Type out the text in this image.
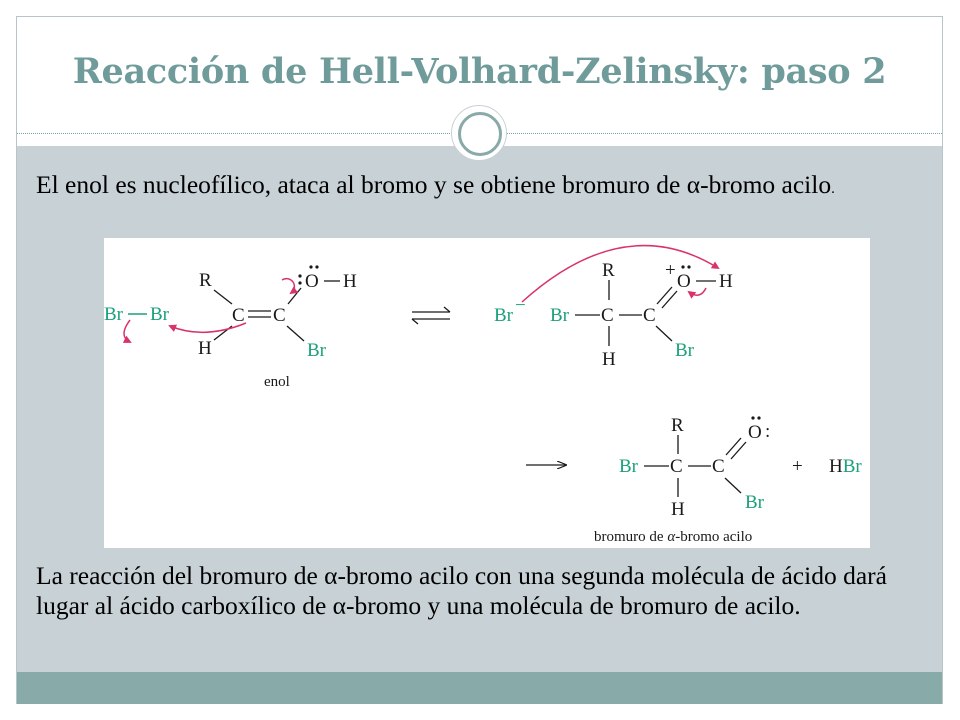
Reacción de Hell-Volhard-Zelinsky: paso 2
El enol es nucleofílico, ataca al bromo y se obtiene bromuro de α-bromo acilo.
Br Br
R
C C
H
O H
Br
enol
Br − Br C
R
H
C
+
O H
Br
R
Br C
H
C
O :
Br
+ HBr
bromuro de α-bromo acilo
La reacción del bromuro de α-bromo acilo con una segunda molécula de ácido dará lugar al ácido carboxílico de α-bromo y una molécula de bromuro de acilo.
